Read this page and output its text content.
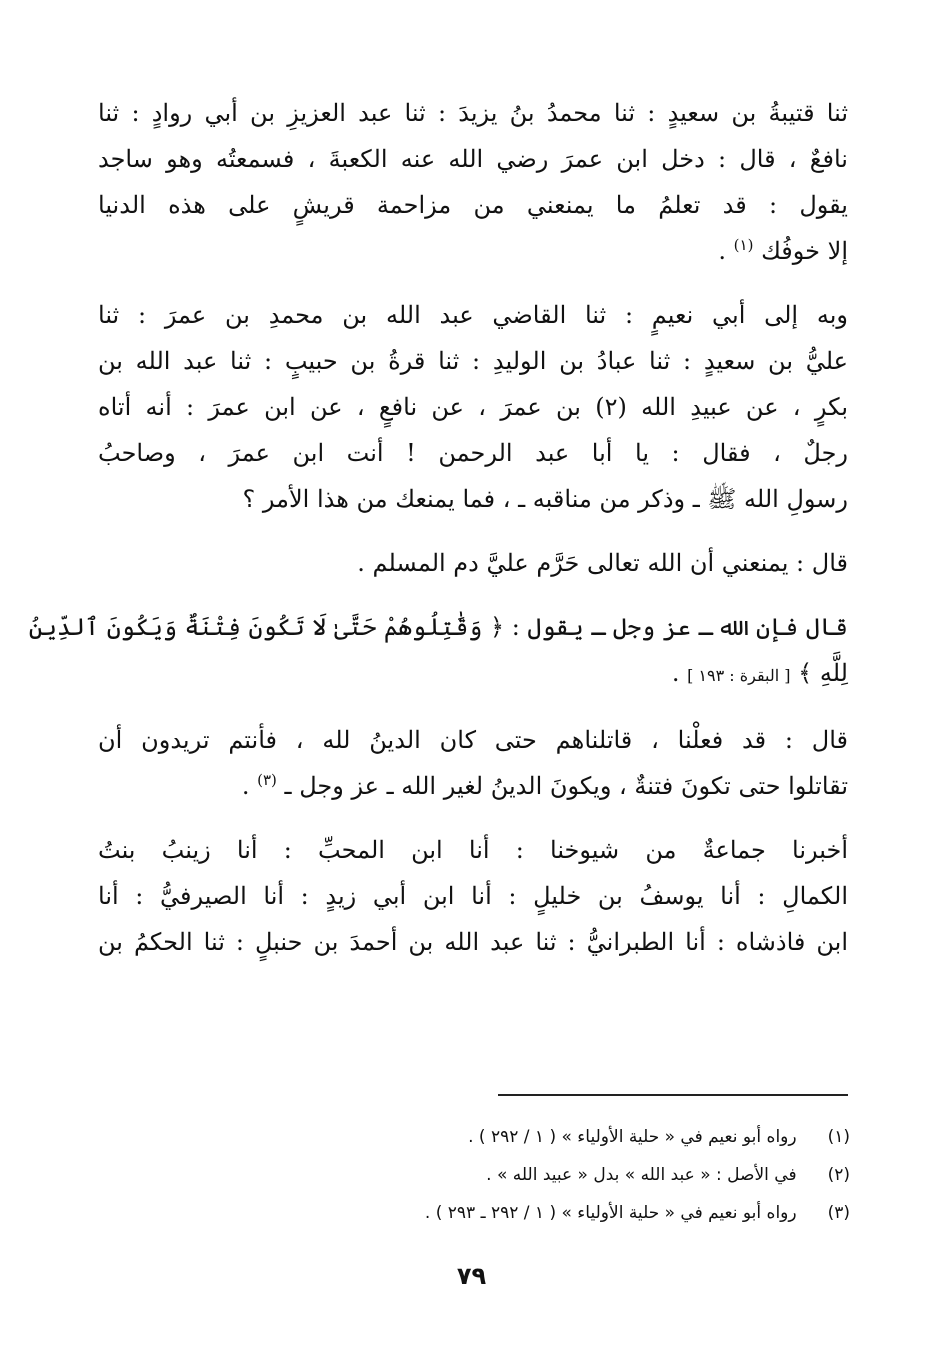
ثنا قتيبةُ بن سعيدٍ : ثنا محمدُ بنُ يزيدَ : ثنا عبد العزيزِ بن أبي روادٍ : ثنا
نافعٌ ، قال : دخل ابن عمرَ رضي الله عنه الكعبةَ ، فسمعتُه وهو ساجد
يقول : قد تعلمُ ما يمنعني من مزاحمة قريشٍ على هذه الدنيا
إلا خوفُك $^{(١)}$ .

وبه إلى أبي نعيمٍ : ثنا القاضي عبد الله بن محمدِ بن عمرَ : ثنا
عليُّ بن سعيدٍ : ثنا عبادُ بن الوليدِ : ثنا قرةُ بن حبيبٍ : ثنا عبد الله بن
بكرٍ ، عن عبيدِ الله (٢) بن عمرَ ، عن نافعٍ ، عن ابن عمرَ : أنه أتاه
رجلٌ ، فقال : يا أبا عبد الرحمن ! أنت ابن عمرَ ، وصاحبُ
رسولِ الله ﷺ ـ وذكر من مناقبه ـ ، فما يمنعك من هذا الأمر ؟

قال : يمنعني أن الله تعالى حَرَّم عليَّ دم المسلم .

قال فإن الله ـ عز وجل ـ يقول : ﴿ وَقَٰتِلُوهُمْ حَتَّىٰ لَا تَكُونَ فِتْنَةٌ وَيَكُونَ ٱلدِّينُ
لِلَّهِ ﴾ [ البقرة : ١٩٣ ] .

قال : قد فعلْنا ، قاتلناهم حتى كان الدينُ لله ، فأنتم تريدون أن
تقاتلوا حتى تكونَ فتنةٌ ، ويكونَ الدينُ لغير الله ـ عز وجل ـ $^{(٣)}$ .

أخبرنا جماعةٌ من شيوخنا : أنا ابن المحبِّ : أنا زينبُ بنتُ
الكمالِ : أنا يوسفُ بن خليلٍ : أنا ابن أبي زيدٍ : أنا الصيرفيُّ : أنا
ابن فاذشاه : أنا الطبرانيُّ : ثنا عبد الله بن أحمدَ بن حنبلٍ : ثنا الحكمُ بن

(١) رواه أبو نعيم في « حلية الأولياء » ( ١ / ٢٩٢ ) .
(٢) في الأصل : « عبد الله » بدل « عبيد الله » .
(٣) رواه أبو نعيم في « حلية الأولياء » ( ١ / ٢٩٢ ـ ٢٩٣ ) .
٧٩
